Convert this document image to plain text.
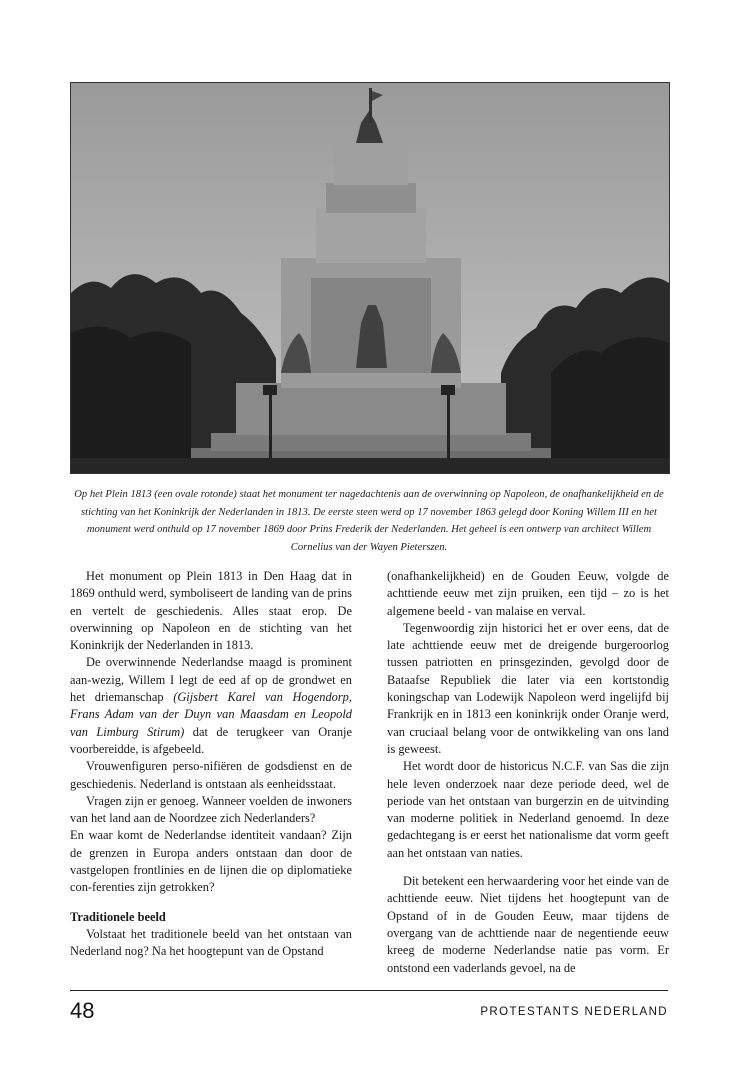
Op het Plein 1813 (een ovale rotonde) staat het monument ter nagedachtenis aan de overwinning op Napoleon, de onafhankelijkheid en de stichting van het Koninkrijk der Nederlanden in 1813. De eerste steen werd op 17 november 1863 gelegd door Koning Willem III en het monument werd onthuld op 17 november 1869 door Prins Frederik der Nederlanden. Het geheel is een ontwerp van architect Willem Cornelius van der Wayen Pieterszen.

Het monument op Plein 1813 in Den Haag dat in 1869 onthuld werd, symboliseert de landing van de prins en vertelt de geschiedenis. Alles staat erop. De overwinning op Napoleon en de stichting van het Koninkrijk der Nederlanden in 1813.

De overwinnende Nederlandse maagd is prominent aan-wezig, Willem I legt de eed af op de grondwet en het driemanschap (Gijsbert Karel van Hogendorp, Frans Adam van der Duyn van Maasdam en Leopold van Limburg Stirum) dat de terugkeer van Oranje voorbereidde, is afgebeeld.

Vrouwenfiguren perso-nifiëren de godsdienst en de geschiedenis. Nederland is ontstaan als eenheidsstaat.

Vragen zijn er genoeg. Wanneer voelden de inwoners van het land aan de Noordzee zich Nederlanders?

En waar komt de Nederlandse identiteit vandaan? Zijn de grenzen in Europa anders ontstaan dan door de vastgelopen frontlinies en de lijnen die op diplomatieke con-ferenties zijn getrokken?

Traditionele beeld

Volstaat het traditionele beeld van het ontstaan van Nederland nog? Na het hoogtepunt van de Opstand

(onafhankelijkheid) en de Gouden Eeuw, volgde de achttiende eeuw met zijn pruiken, een tijd – zo is het algemene beeld - van malaise en verval.

Tegenwoordig zijn historici het er over eens, dat de late achttiende eeuw met de dreigende burgeroorlog tussen patriotten en prinsgezinden, gevolgd door de Bataafse Republiek die later via een kortstondig koningschap van Lodewijk Napoleon werd ingelijfd bij Frankrijk en in 1813 een koninkrijk onder Oranje werd, van cruciaal belang voor de ontwikkeling van ons land is geweest.

Het wordt door de historicus N.C.F. van Sas die zijn hele leven onderzoek naar deze periode deed, wel de periode van het ontstaan van burgerzin en de uitvinding van moderne politiek in Nederland genoemd. In deze gedachtegang is er eerst het nationalisme dat vorm geeft aan het ontstaan van naties.

Dit betekent een herwaardering voor het einde van de achttiende eeuw. Niet tijdens het hoogtepunt van de Opstand of in de Gouden Eeuw, maar tijdens de overgang van de achttiende naar de negentiende eeuw kreeg de moderne Nederlandse natie pas vorm. Er ontstond een vaderlands gevoel, na de

48	PROTESTANTS NEDERLAND
